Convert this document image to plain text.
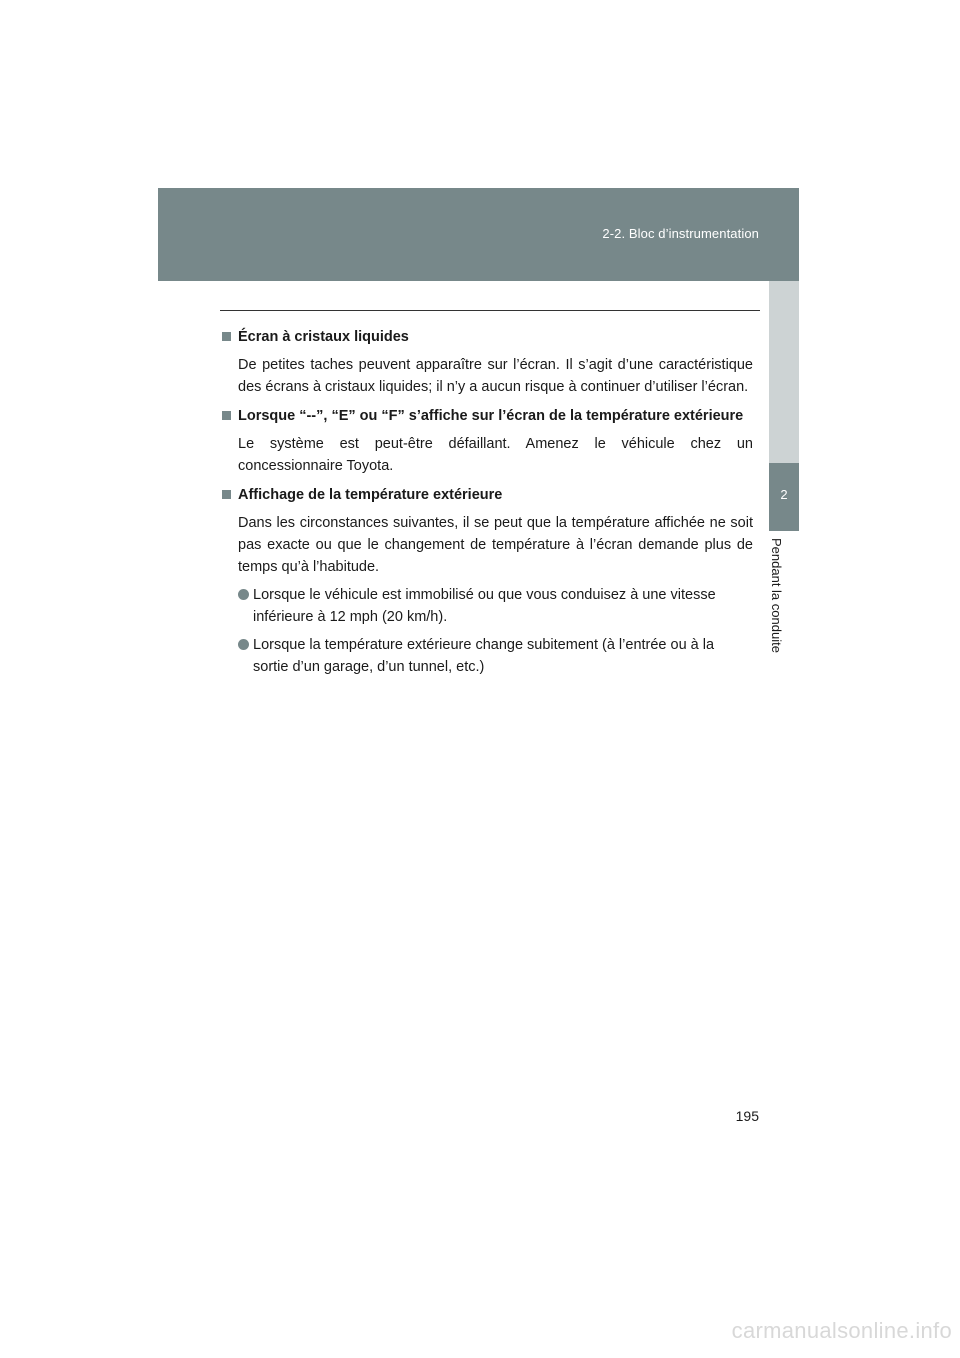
2-2. Bloc d’instrumentation
2
Pendant la conduite
Écran à cristaux liquides
De petites taches peuvent apparaître sur l’écran. Il s’agit d’une caractéristique des écrans à cristaux liquides; il n’y a aucun risque à continuer d’utiliser l’écran.
Lorsque “--”, “E” ou “F” s’affiche sur l’écran de la température extérieure
Le système est peut-être défaillant. Amenez le véhicule chez un concessionnaire Toyota.
Affichage de la température extérieure
Dans les circonstances suivantes, il se peut que la température affichée ne soit pas exacte ou que le changement de température à l’écran demande plus de temps qu’à l’habitude.
Lorsque le véhicule est immobilisé ou que vous conduisez à une vitesse inférieure à 12 mph (20 km/h).
Lorsque la température extérieure change subitement (à l’entrée ou à la sortie d’un garage, d’un tunnel, etc.)
195
carmanualsonline.info
